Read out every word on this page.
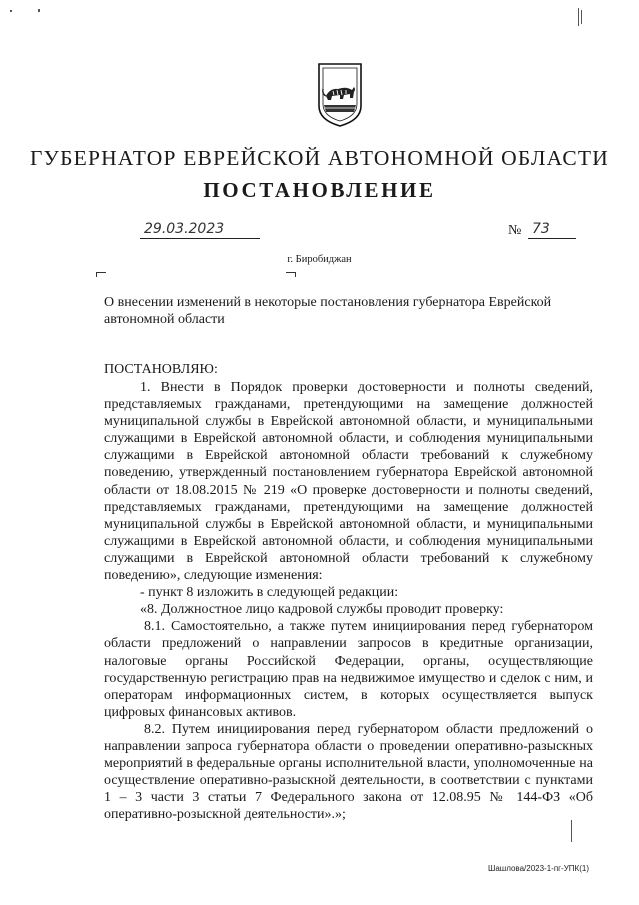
ГУБЕРНАТОР ЕВРЕЙСКОЙ АВТОНОМНОЙ ОБЛАСТИ
ПОСТАНОВЛЕНИЕ
29.03.2023	№ 73
г. Биробиджан
О внесении изменений в некоторые постановления губернатора Еврейской автономной области
ПОСТАНОВЛЯЮ:

1. Внести в Порядок проверки достоверности и полноты сведений, представляемых гражданами, претендующими на замещение должностей муниципальной службы в Еврейской автономной области, и муниципальными служащими в Еврейской автономной области, и соблюдения муниципальными служащими в Еврейской автономной области требований к служебному поведению, утвержденный постановлением губернатора Еврейской автономной области от 18.08.2015 № 219 «О проверке достоверности и полноты сведений, представляемых гражданами, претендующими на замещение должностей муниципальной службы в Еврейской автономной области, и муниципальными служащими в Еврейской автономной области, и соблюдения муниципальными служащими в Еврейской автономной области требований к служебному поведению», следующие изменения:

- пункт 8 изложить в следующей редакции:

«8. Должностное лицо кадровой службы проводит проверку:

8.1. Самостоятельно, а также путем инициирования перед губернатором области предложений о направлении запросов в кредитные организации, налоговые органы Российской Федерации, органы, осуществляющие государственную регистрацию прав на недвижимое имущество и сделок с ним, и операторам информационных систем, в которых осуществляется выпуск цифровых финансовых активов.

8.2. Путем инициирования перед губернатором области предложений о направлении запроса губернатора области о проведении оперативно-разыскных мероприятий в федеральные органы исполнительной власти, уполномоченные на осуществление оперативно-разыскной деятельности, в соответствии с пунктами 1 – 3 части 3 статьи 7 Федерального закона от 12.08.95 № 144-ФЗ «Об оперативно-розыскной деятельности».»;

Шашлова/2023-1-пг-УПК(1)
